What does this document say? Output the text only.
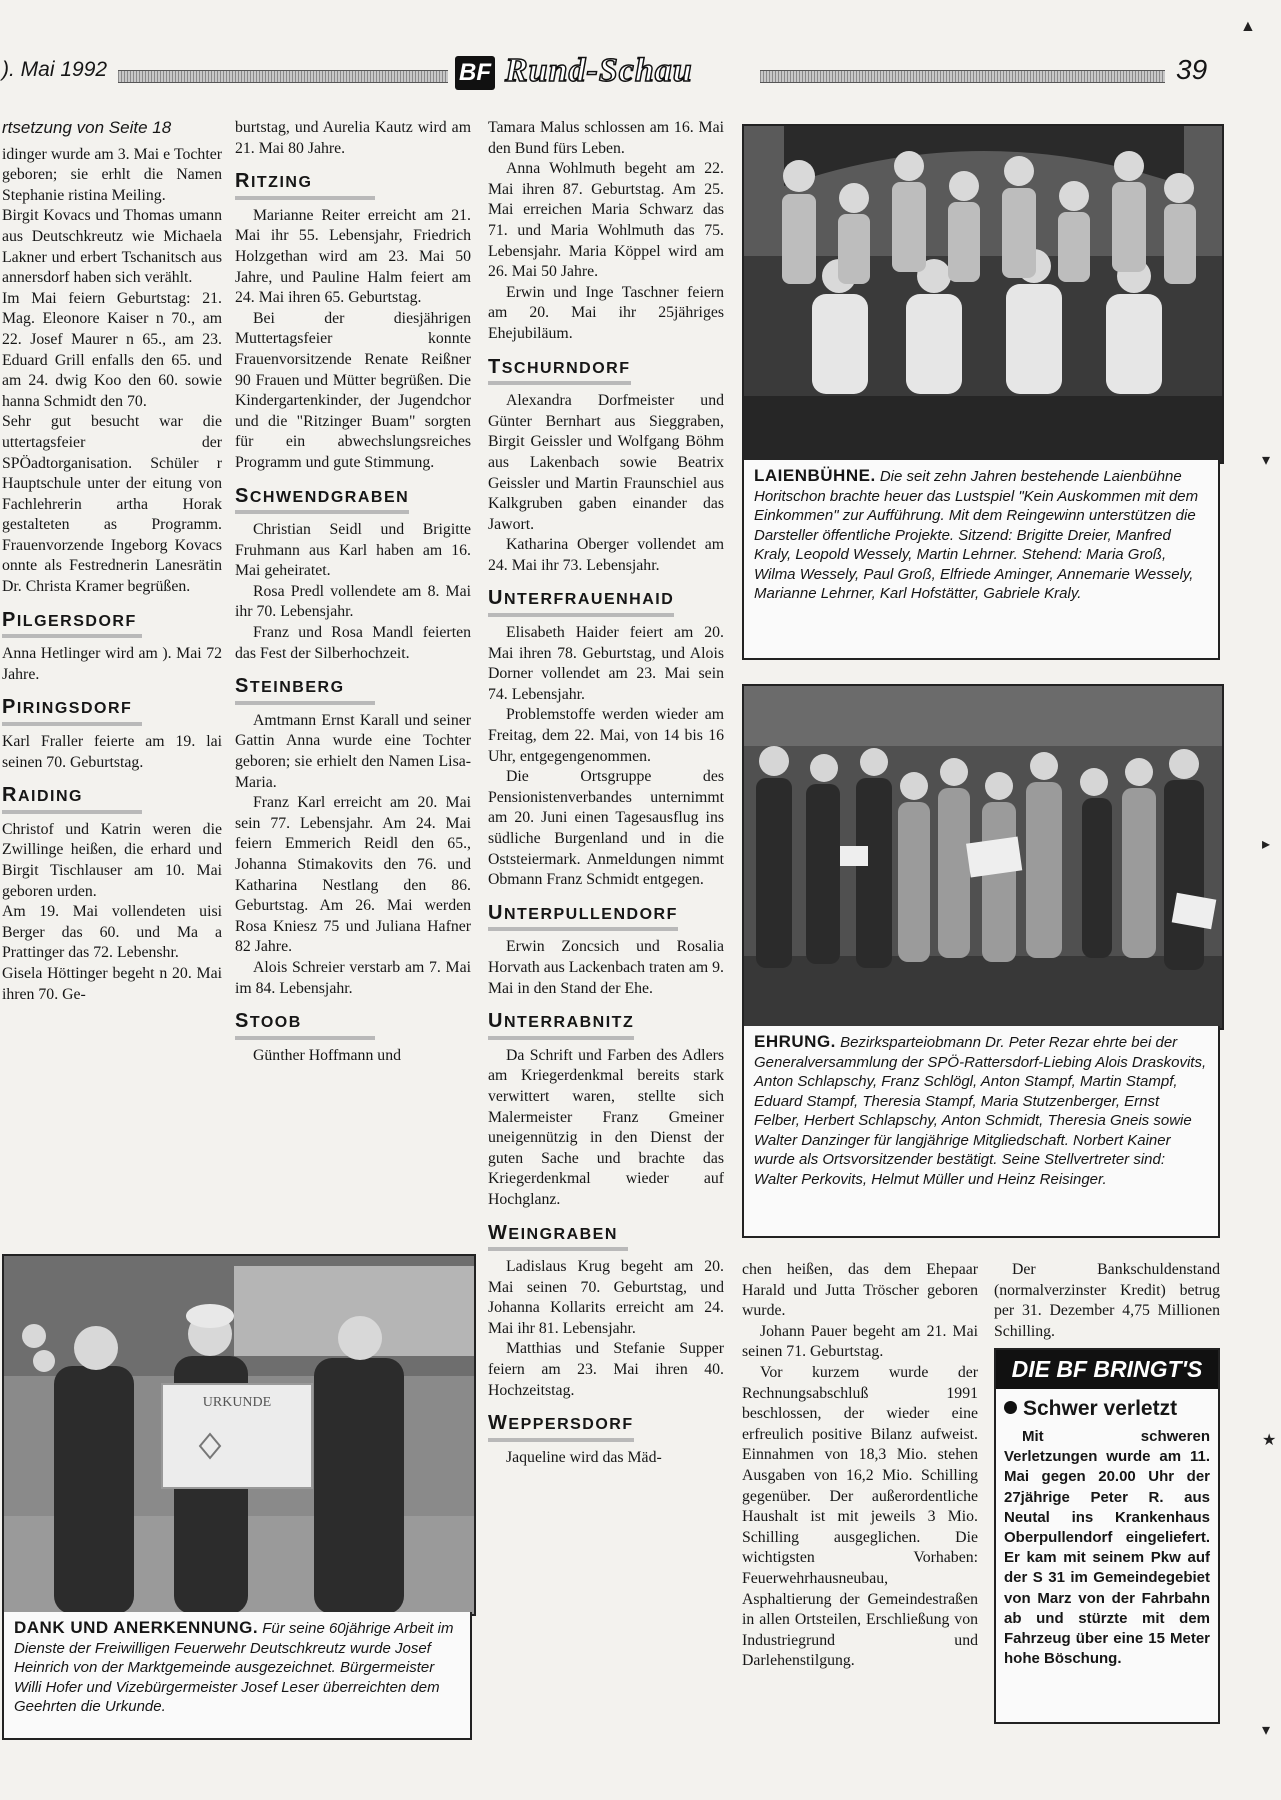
). Mai 1992	BF Rund-Schau	39

rtsetzung von Seite 18

idinger wurde am 3. Mai e Tochter geboren; sie erhlt die Namen Stephanie ristina Meiling.

Birgit Kovacs und Thomas umann aus Deutschkreutz wie Michaela Lakner und erbert Tschanitsch aus annersdorf haben sich verählt.

Im Mai feiern Geburtstag: 21. Mag. Eleonore Kaiser n 70., am 22. Josef Maurer n 65., am 23. Eduard Grill enfalls den 65. und am 24. dwig Koo den 60. sowie hanna Schmidt den 70.

Sehr gut besucht war die uttertagsfeier der SPÖadtorganisation. Schüler r Hauptschule unter der eitung von Fachlehrerin artha Horak gestalteten as Programm. Frauenvorzende Ingeborg Kovacs onnte als Festrednerin Lanesrätin Dr. Christa Kramer begrüßen.

PILGERSDORF

Anna Hetlinger wird am ). Mai 72 Jahre.

PIRINGSDORF

Karl Fraller feierte am 19. lai seinen 70. Geburtstag.

RAIDING

Christof und Katrin weren die Zwillinge heißen, die erhard und Birgit Tischlauser am 10. Mai geboren urden.

Am 19. Mai vollendeten uisi Berger das 60. und Ma a Prattinger das 72. Lebenshr.

Gisela Höttinger begeht n 20. Mai ihren 70. Ge-

burtstag, und Aurelia Kautz wird am 21. Mai 80 Jahre.

RITZING

Marianne Reiter erreicht am 21. Mai ihr 55. Lebensjahr, Friedrich Holzgethan wird am 23. Mai 50 Jahre, und Pauline Halm feiert am 24. Mai ihren 65. Geburtstag.

Bei der diesjährigen Muttertagsfeier konnte Frauenvorsitzende Renate Reißner 90 Frauen und Mütter begrüßen. Die Kindergartenkinder, der Jugendchor und die "Ritzinger Buam" sorgten für ein abwechslungsreiches Programm und gute Stimmung.

SCHWENDGRABEN

Christian Seidl und Brigitte Fruhmann aus Karl haben am 16. Mai geheiratet.

Rosa Predl vollendete am 8. Mai ihr 70. Lebensjahr.

Franz und Rosa Mandl feierten das Fest der Silberhochzeit.

STEINBERG

Amtmann Ernst Karall und seiner Gattin Anna wurde eine Tochter geboren; sie erhielt den Namen Lisa-Maria.

Franz Karl erreicht am 20. Mai sein 77. Lebensjahr. Am 24. Mai feiern Emmerich Reidl den 65., Johanna Stimakovits den 76. und Katharina Nestlang den 86. Geburtstag. Am 26. Mai werden Rosa Kniesz 75 und Juliana Hafner 82 Jahre.

Alois Schreier verstarb am 7. Mai im 84. Lebensjahr.

STOOB

Günther Hoffmann und

Tamara Malus schlossen am 16. Mai den Bund fürs Leben.

Anna Wohlmuth begeht am 22. Mai ihren 87. Geburtstag. Am 25. Mai erreichen Maria Schwarz das 71. und Maria Wohlmuth das 75. Lebensjahr. Maria Köppel wird am 26. Mai 50 Jahre.

Erwin und Inge Taschner feiern am 20. Mai ihr 25jähriges Ehejubiläum.

TSCHURNDORF

Alexandra Dorfmeister und Günter Bernhart aus Sieggraben, Birgit Geissler und Wolfgang Böhm aus Lakenbach sowie Beatrix Geissler und Martin Fraunschiel aus Kalkgruben gaben einander das Jawort.

Katharina Oberger vollendet am 24. Mai ihr 73. Lebensjahr.

UNTERFRAUENHAID

Elisabeth Haider feiert am 20. Mai ihren 78. Geburtstag, und Alois Dorner vollendet am 23. Mai sein 74. Lebensjahr.

Problemstoffe werden wieder am Freitag, dem 22. Mai, von 14 bis 16 Uhr, entgegengenommen.

Die Ortsgruppe des Pensionistenverbandes unternimmt am 20. Juni einen Tagesausflug ins südliche Burgenland und in die Oststeiermark. Anmeldungen nimmt Obmann Franz Schmidt entgegen.

UNTERPULLENDORF

Erwin Zoncsich und Rosalia Horvath aus Lackenbach traten am 9. Mai in den Stand der Ehe.

UNTERRABNITZ

Da Schrift und Farben des Adlers am Kriegerdenkmal bereits stark verwittert waren, stellte sich Malermeister Franz Gmeiner uneigennützig in den Dienst der guten Sache und brachte das Kriegerdenkmal wieder auf Hochglanz.

WEINGRABEN

Ladislaus Krug begeht am 20. Mai seinen 70. Geburtstag, und Johanna Kollarits erreicht am 24. Mai ihr 81. Lebensjahr.

Matthias und Stefanie Supper feiern am 23. Mai ihren 40. Hochzeitstag.

WEPPERSDORF

Jaqueline wird das Mäd-

chen heißen, das dem Ehepaar Harald und Jutta Tröscher geboren wurde.

Johann Pauer begeht am 21. Mai seinen 71. Geburtstag.

Vor kurzem wurde der Rechnungsabschluß 1991 beschlossen, der wieder eine erfreulich positive Bilanz aufweist. Einnahmen von 18,3 Mio. stehen Ausgaben von 16,2 Mio. Schilling gegenüber. Der außerordentliche Haushalt ist mit jeweils 3 Mio. Schilling ausgeglichen. Die wichtigsten Vorhaben: Feuerwehrhausneubau, Asphaltierung der Gemeindestraßen in allen Ortsteilen, Erschließung von Industriegrund und Darlehenstilgung.

Der Bankschuldenstand (normalverzinster Kredit) betrug per 31. Dezember 4,75 Millionen Schilling.

LAIENBÜHNE. Die seit zehn Jahren bestehende Laienbühne Horitschon brachte heuer das Lustspiel "Kein Auskommen mit dem Einkommen" zur Aufführung. Mit dem Reingewinn unterstützen die Darsteller öffentliche Projekte. Sitzend: Brigitte Dreier, Manfred Kraly, Leopold Wessely, Martin Lehrner. Stehend: Maria Groß, Wilma Wessely, Paul Groß, Elfriede Aminger, Annemarie Wessely, Marianne Lehrner, Karl Hofstätter, Gabriele Kraly.
EHRUNG. Bezirksparteiobmann Dr. Peter Rezar ehrte bei der Generalversammlung der SPÖ-Rattersdorf-Liebing Alois Draskovits, Anton Schlapschy, Franz Schlögl, Anton Stampf, Martin Stampf, Eduard Stampf, Theresia Stampf, Maria Stutzenberger, Ernst Felber, Herbert Schlapschy, Anton Schmidt, Theresia Gneis sowie Walter Danzinger für langjährige Mitgliedschaft. Norbert Kainer wurde als Ortsvorsitzender bestätigt. Seine Stellvertreter sind: Walter Perkovits, Helmut Müller und Heinz Reisinger.
URKUNDE
DANK UND ANERKENNUNG. Für seine 60jährige Arbeit im Dienste der Freiwilligen Feuerwehr Deutschkreutz wurde Josef Heinrich von der Marktgemeinde ausgezeichnet. Bürgermeister Willi Hofer und Vizebürgermeister Josef Leser überreichten dem Geehrten die Urkunde.
DIE BF BRINGT'S
Schwer verletzt
Mit schweren Verletzungen wurde am 11. Mai gegen 20.00 Uhr der 27jährige Peter R. aus Neutal ins Krankenhaus Oberpullendorf eingeliefert. Er kam mit seinem Pkw auf der S 31 im Gemeindegebiet von Marz von der Fahrbahn ab und stürzte mit dem Fahrzeug über eine 15 Meter hohe Böschung.
▲
▾
▸
★
▾
